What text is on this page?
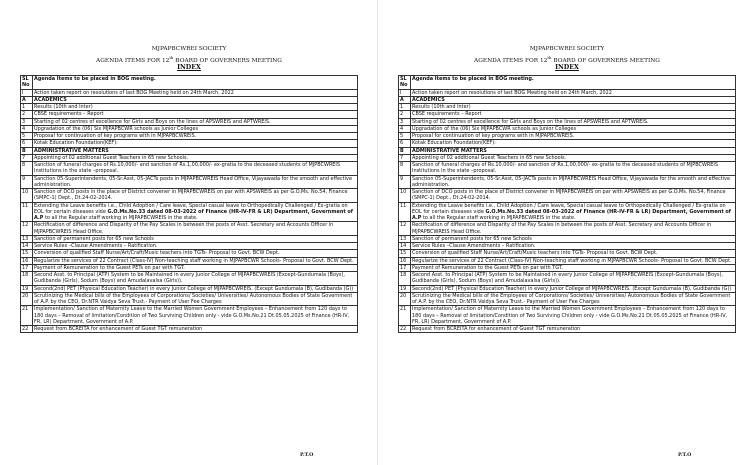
MJPAPBCWREI SOCIETY
AGENDA ITEMS FOR 12th BOARD OF GOVERNERS MEETING
INDEX
SL No	Agenda Items to be placed in BOG meeting.
I	Action taken report on resolutions of last BOG Meeting held on 24th March, 2022
A	ACADEMICS
1	Results (10th and Inter)
2	CBSE requirements – Report
3	Starting of 02 centres of excellence for Girls and Boys on the lines of APSWREIS and APTWREIS.
4	Upgradation of the (06) Six MJPAPBCWR schools as Junior Colleges
5	Proposal for continuation of key programs with in MJPAPBCWREIS.
6	Kotak Education Foundation(KEF):
B	ADMINISTRATIVE MATTERS
7	Appointing of 02 additional Guest Teachers in 65 new Schools.
8	Sanction of funeral charges of Rs.10,000/- and sanction of Rs.1,00,000/- ex-gratia to the deceased students of MJPBCWREIS Institutions in the state –proposal.
9	Sanction 05-Superintendents, 05-Sr.Asst, 05-JACTs posts in MJPAPBCWREIS Head Office, Vijayawada for the smooth and effective administration.
10	Sanction of DCO posts in the place of District convener in MJPAPBCWREIS on par with APSWREIS as per G.O.Ms. No.54, Finance (SMPC-1) Dept., Dt.24-02-2014.
11	Extending the Leave benefits i.e., Child Adoption / Care leave, Special casual leave to Orthopedically Challenged / Ex-gratia on EOL for certain diseases vide G.O.Ms.No.33 dated 08-03-2022 of Finance (HR-IV-FR & LR) Department, Government of A.P to all the Regular staff working in MJPAPBCWREIS in the state.
12	Rectification of difference and Disparity of the Pay Scales in between the posts of Asst. Secretary and Accounts Officer in MJPAPBCWREIS Head Office.
13	Sanction of permanent posts for 65 new Schools
14	Service Rules –Clause Amendments – Ratification.
15	Conversion of qualified Staff Nurse/Art/Craft/Music teachers into TGTs- Proposal to Govt. BCW Dept.
16	Regularize the services of 22 Contract (Class-IV) Non-teaching staff working in MJPAPBCWR Schools- Proposal to Govt. BCW Dept.
17	Payment of Remuneration to the Guest PETs on par with TGT.
18	Second Asst. to Principal (ATP) System to be Maintained in every Junior College of MJPAPBCWREIS (Except-Gundumala (Boys), Gudibanda (Girls), Sodum (Boys) and Amudalavalsa (Girls)).
19	Second(2nd) PET (Physical Education Teacher) in every Junior College of MJPAPBCWREIS. (Except Gundumala (B), Gudibanda (G))
20	Scrutinizing the Medical bills of the Employees of Corporations/ Societies/ Universities/ Autonomous Bodies of State Government of A.P. by the CEO, Dr.NTR Vaidya Seva Trust.- Payment of User Fee Charges
21	Implementation/ Sanction of Maternity Leave to the Married Women Government Employees – Enhancement from 120 days to 180 days – Removal of limitation/Condition of Two Surviving Children only - vide G.O.Ms.No.21 Dt.05.05.2025 of Finance (HR-IV, FR, LR) Department, Government of A.P.
22	Request from BCREITA for enhancement of Guest TGT remuneration
P.T.O
MJPAPBCWREI SOCIETY
AGENDA ITEMS FOR 12th BOARD OF GOVERNERS MEETING
INDEX
SL No	Agenda Items to be placed in BOG meeting.
I	Action taken report on resolutions of last BOG Meeting held on 24th March, 2022
A	ACADEMICS
1	Results (10th and Inter)
2	CBSE requirements – Report
3	Starting of 02 centres of excellence for Girls and Boys on the lines of APSWREIS and APTWREIS.
4	Upgradation of the (06) Six MJPAPBCWR schools as Junior Colleges
5	Proposal for continuation of key programs with in MJPAPBCWREIS.
6	Kotak Education Foundation(KEF):
B	ADMINISTRATIVE MATTERS
7	Appointing of 02 additional Guest Teachers in 65 new Schools.
8	Sanction of funeral charges of Rs.10,000/- and sanction of Rs.1,00,000/- ex-gratia to the deceased students of MJPBCWREIS Institutions in the state –proposal.
9	Sanction 05-Superintendents, 05-Sr.Asst, 05-JACTs posts in MJPAPBCWREIS Head Office, Vijayawada for the smooth and effective administration.
10	Sanction of DCO posts in the place of District convener in MJPAPBCWREIS on par with APSWREIS as per G.O.Ms. No.54, Finance (SMPC-1) Dept., Dt.24-02-2014.
11	Extending the Leave benefits i.e., Child Adoption / Care leave, Special casual leave to Orthopedically Challenged / Ex-gratia on EOL for certain diseases vide G.O.Ms.No.33 dated 08-03-2022 of Finance (HR-IV-FR & LR) Department, Government of A.P to all the Regular staff working in MJPAPBCWREIS in the state.
12	Rectification of difference and Disparity of the Pay Scales in between the posts of Asst. Secretary and Accounts Officer in MJPAPBCWREIS Head Office.
13	Sanction of permanent posts for 65 new Schools
14	Service Rules –Clause Amendments – Ratification.
15	Conversion of qualified Staff Nurse/Art/Craft/Music teachers into TGTs- Proposal to Govt. BCW Dept.
16	Regularize the services of 22 Contract (Class-IV) Non-teaching staff working in MJPAPBCWR Schools- Proposal to Govt. BCW Dept.
17	Payment of Remuneration to the Guest PETs on par with TGT.
18	Second Asst. to Principal (ATP) System to be Maintained in every Junior College of MJPAPBCWREIS (Except-Gundumala (Boys), Gudibanda (Girls), Sodum (Boys) and Amudalavalsa (Girls)).
19	Second(2nd) PET (Physical Education Teacher) in every Junior College of MJPAPBCWREIS. (Except Gundumala (B), Gudibanda (G))
20	Scrutinizing the Medical bills of the Employees of Corporations/ Societies/ Universities/ Autonomous Bodies of State Government of A.P. by the CEO, Dr.NTR Vaidya Seva Trust.- Payment of User Fee Charges
21	Implementation/ Sanction of Maternity Leave to the Married Women Government Employees – Enhancement from 120 days to 180 days – Removal of limitation/Condition of Two Surviving Children only - vide G.O.Ms.No.21 Dt.05.05.2025 of Finance (HR-IV, FR, LR) Department, Government of A.P.
22	Request from BCREITA for enhancement of Guest TGT remuneration
P.T.O
